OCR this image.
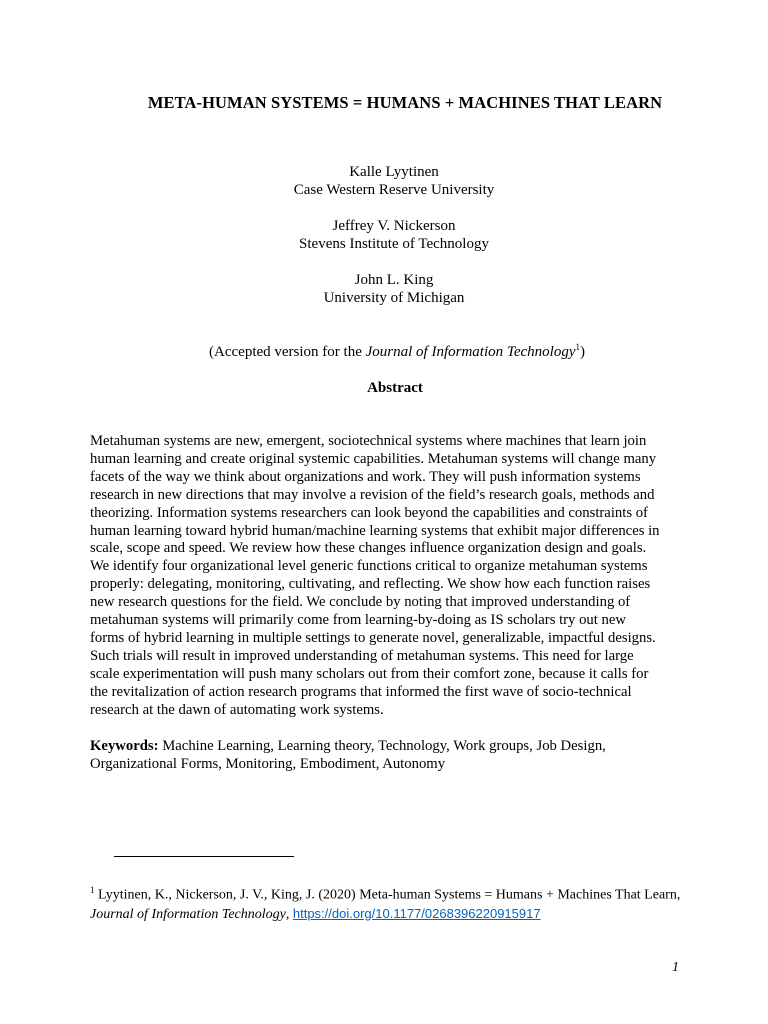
META-HUMAN SYSTEMS = HUMANS + MACHINES THAT LEARN
Kalle Lyytinen
Case Western Reserve University
Jeffrey V. Nickerson
Stevens Institute of Technology
John L. King
University of Michigan
(Accepted version for the Journal of Information Technology$^1$)
Abstract
Metahuman systems are new, emergent, sociotechnical systems where machines that learn join
human learning and create original systemic capabilities. Metahuman systems will change many
facets of the way we think about organizations and work. They will push information systems
research in new directions that may involve a revision of the field’s research goals, methods and
theorizing. Information systems researchers can look beyond the capabilities and constraints of
human learning toward hybrid human/machine learning systems that exhibit major differences in
scale, scope and speed. We review how these changes influence organization design and goals.
We identify four organizational level generic functions critical to organize metahuman systems
properly: delegating, monitoring, cultivating, and reflecting. We show how each function raises
new research questions for the field. We conclude by noting that improved understanding of
metahuman systems will primarily come from learning-by-doing as IS scholars try out new
forms of hybrid learning in multiple settings to generate novel, generalizable, impactful designs.
Such trials will result in improved understanding of metahuman systems. This need for large
scale experimentation will push many scholars out from their comfort zone, because it calls for
the revitalization of action research programs that informed the first wave of socio-technical
research at the dawn of automating work systems.
Keywords: Machine Learning, Learning theory, Technology, Work groups, Job Design,
Organizational Forms, Monitoring, Embodiment, Autonomy
$^1$ Lyytinen, K., Nickerson, J. V., King, J. (2020) Meta-human Systems = Humans + Machines That Learn,
Journal of Information Technology, https://doi.org/10.1177/0268396220915917
1
